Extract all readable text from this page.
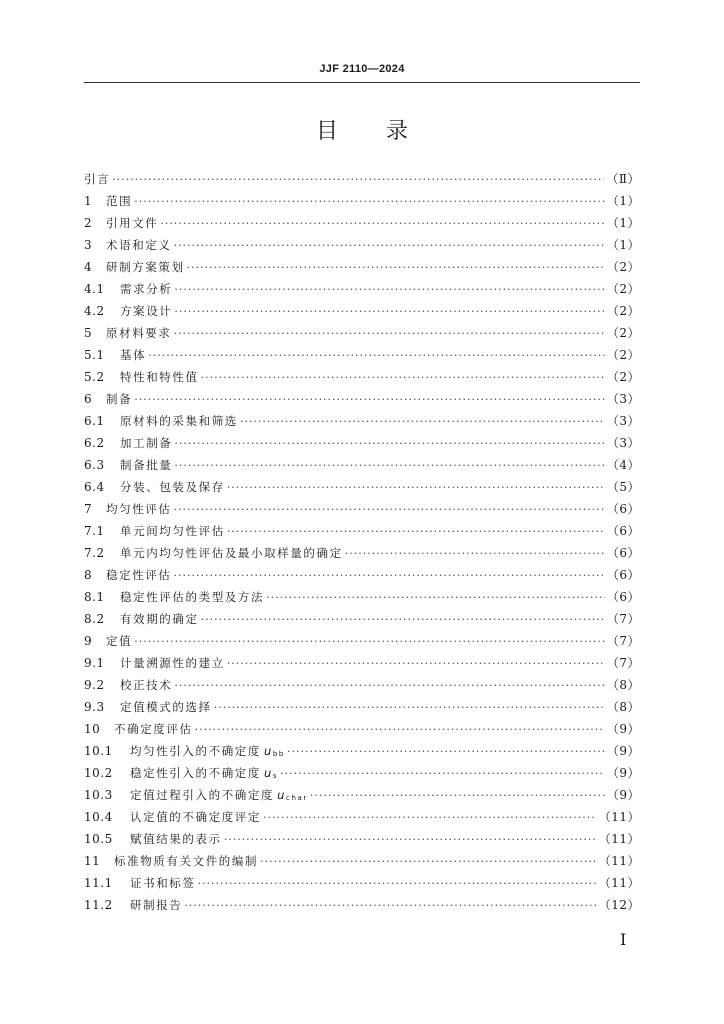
JJF 2110—2024
目 录
引言 ·····	（Ⅱ）
1	范围 ·····	（1）
2	引用文件 ·····	（1）
3	术语和定义 ·····	（1）
4	研制方案策划 ·····	（2）
4.1	需求分析 ·····	（2）
4.2	方案设计 ·····	（2）
5	原材料要求 ·····	（2）
5.1	基体 ·····	（2）
5.2	特性和特性值 ·····	（2）
6	制备 ·····	（3）
6.1	原材料的采集和筛选 ·····	（3）
6.2	加工制备 ·····	（3）
6.3	制备批量 ·····	（4）
6.4	分装、包装及保存 ·····	（5）
7	均匀性评估 ·····	（6）
7.1	单元间均匀性评估 ·····	（6）
7.2	单元内均匀性评估及最小取样量的确定 ·····	（6）
8	稳定性评估 ·····	（6）
8.1	稳定性评估的类型及方法 ·····	（6）
8.2	有效期的确定 ·····	（7）
9	定值 ·····	（7）
9.1	计量溯源性的建立 ·····	（7）
9.2	校正技术 ·····	（8）
9.3	定值模式的选择 ·····	（8）
10	不确定度评估 ·····	（9）
10.1	均匀性引入的不确定度 $u_{bb}$ ·····	（9）
10.2	稳定性引入的不确定度 $u_s$ ·····	（9）
10.3	定值过程引入的不确定度 $u_{char}$ ·····	（9）
10.4	认定值的不确定度评定 ·····	（11）
10.5	赋值结果的表示 ·····	（11）
11	标准物质有关文件的编制 ·····	（11）
11.1	证书和标签 ·····	（11）
11.2	研制报告 ·····	（12）
I
